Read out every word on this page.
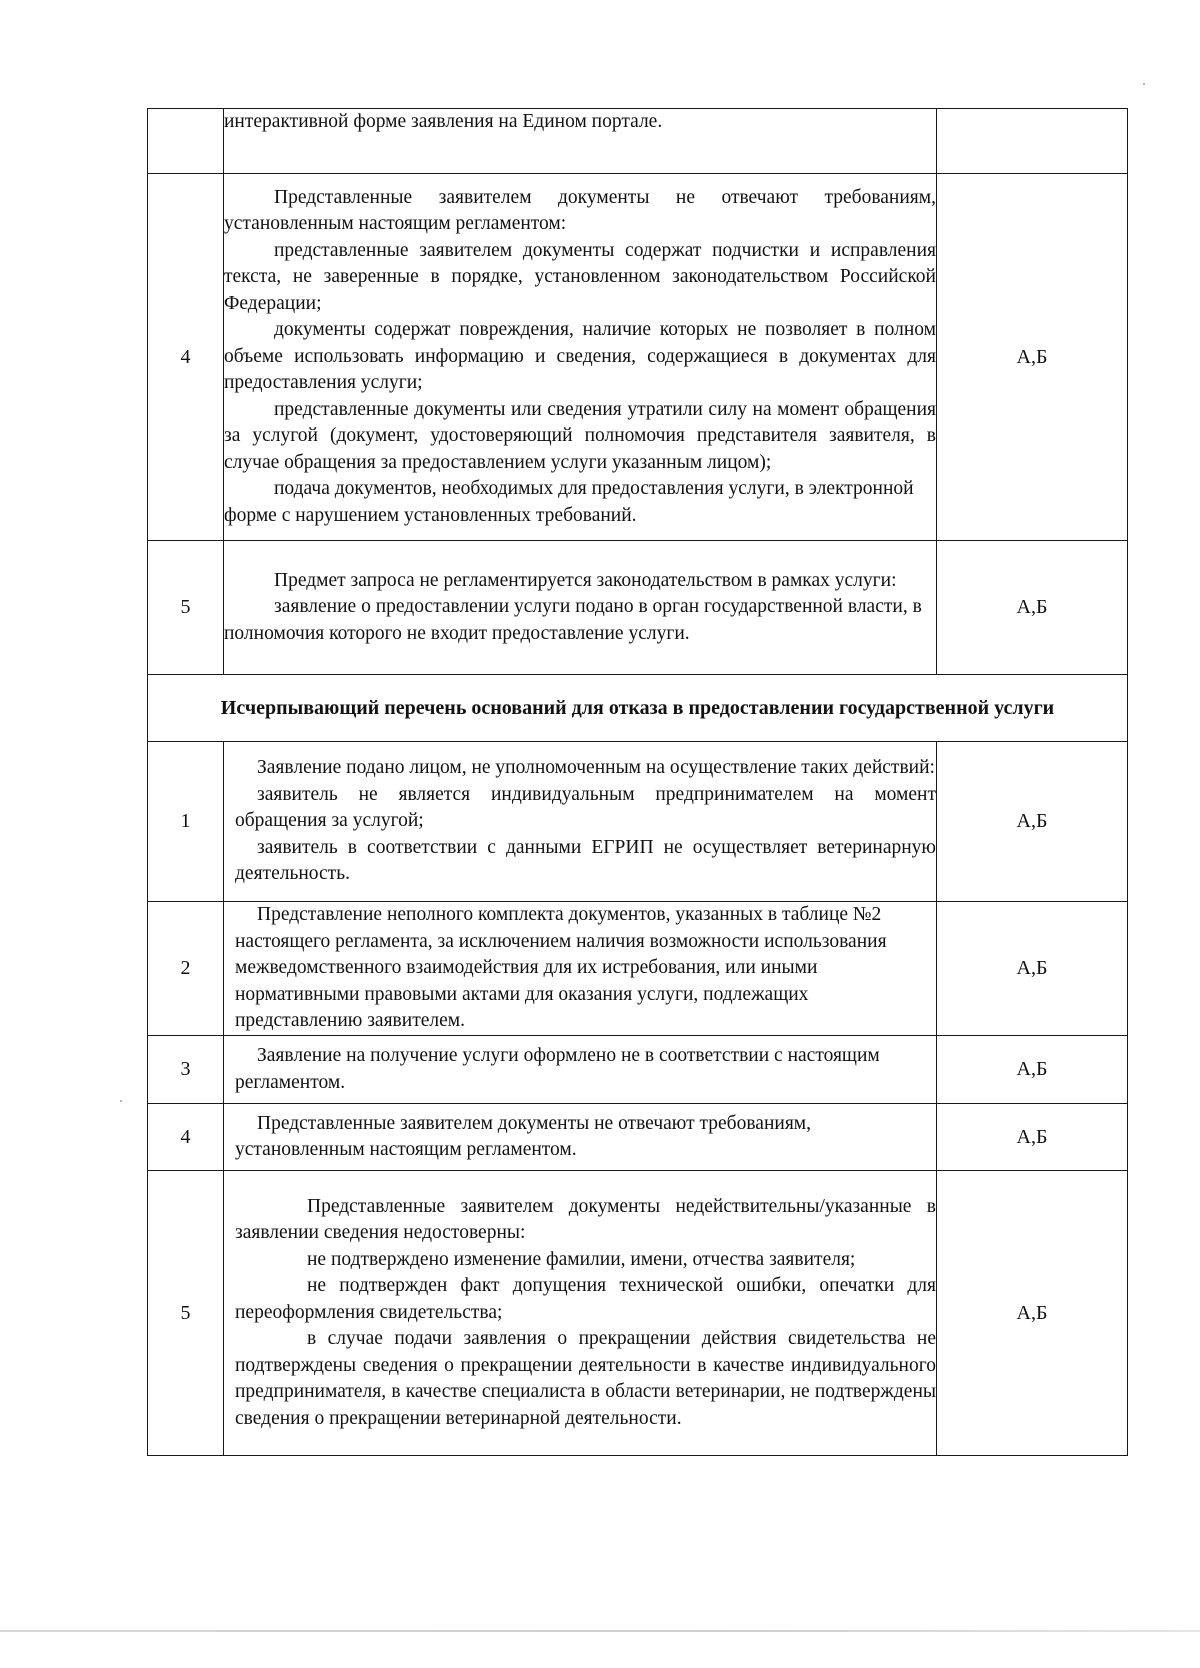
	интерактивной форме заявления на Едином портале.	

4	Представленные заявителем документы не отвечают требованиям, установленным настоящим регламентом:
представленные заявителем документы содержат подчистки и исправления текста, не заверенные в порядке, установленном законодательством Российской Федерации;
документы содержат повреждения, наличие которых не позволяет в полном объеме использовать информацию и сведения, содержащиеся в документах для предоставления услуги;
представленные документы или сведения утратили силу на момент обращения за услугой (документ, удостоверяющий полномочия представителя заявителя, в случае обращения за предоставлением услуги указанным лицом);
подача документов, необходимых для предоставления услуги, в электронной форме с нарушением установленных требований.	А,Б
5	Предмет запроса не регламентируется законодательством в рамках услуги:
заявление о предоставлении услуги подано в орган государственной власти, в полномочия которого не входит предоставление услуги.	А,Б
Исчерпывающий перечень оснований для отказа в предоставлении государственной услуги		
1	Заявление подано лицом, не уполномоченным на осуществление таких действий:
заявитель не является индивидуальным предпринимателем на момент обращения за услугой;
заявитель в соответствии с данными ЕГРИП не осуществляет ветеринарную деятельность.	А,Б
2	Представление неполного комплекта документов, указанных в таблице №2 настоящего регламента, за исключением наличия возможности использования межведомственного взаимодействия для их истребования, или иными нормативными правовыми актами для оказания услуги, подлежащих представлению заявителем.	А,Б
3	Заявление на получение услуги оформлено не в соответствии с настоящим регламентом.	А,Б
4	Представленные заявителем документы не отвечают требованиям, установленным настоящим регламентом.	А,Б
5	Представленные заявителем документы недействительны/указанные в заявлении сведения недостоверны:
не подтверждено изменение фамилии, имени, отчества заявителя;
не подтвержден факт допущения технической ошибки, опечатки для переоформления свидетельства;
в случае подачи заявления о прекращении действия свидетельства не подтверждены сведения о прекращении деятельности в качестве индивидуального предпринимателя, в качестве специалиста в области ветеринарии, не подтверждены сведения о прекращении ветеринарной деятельности.	А,Б
